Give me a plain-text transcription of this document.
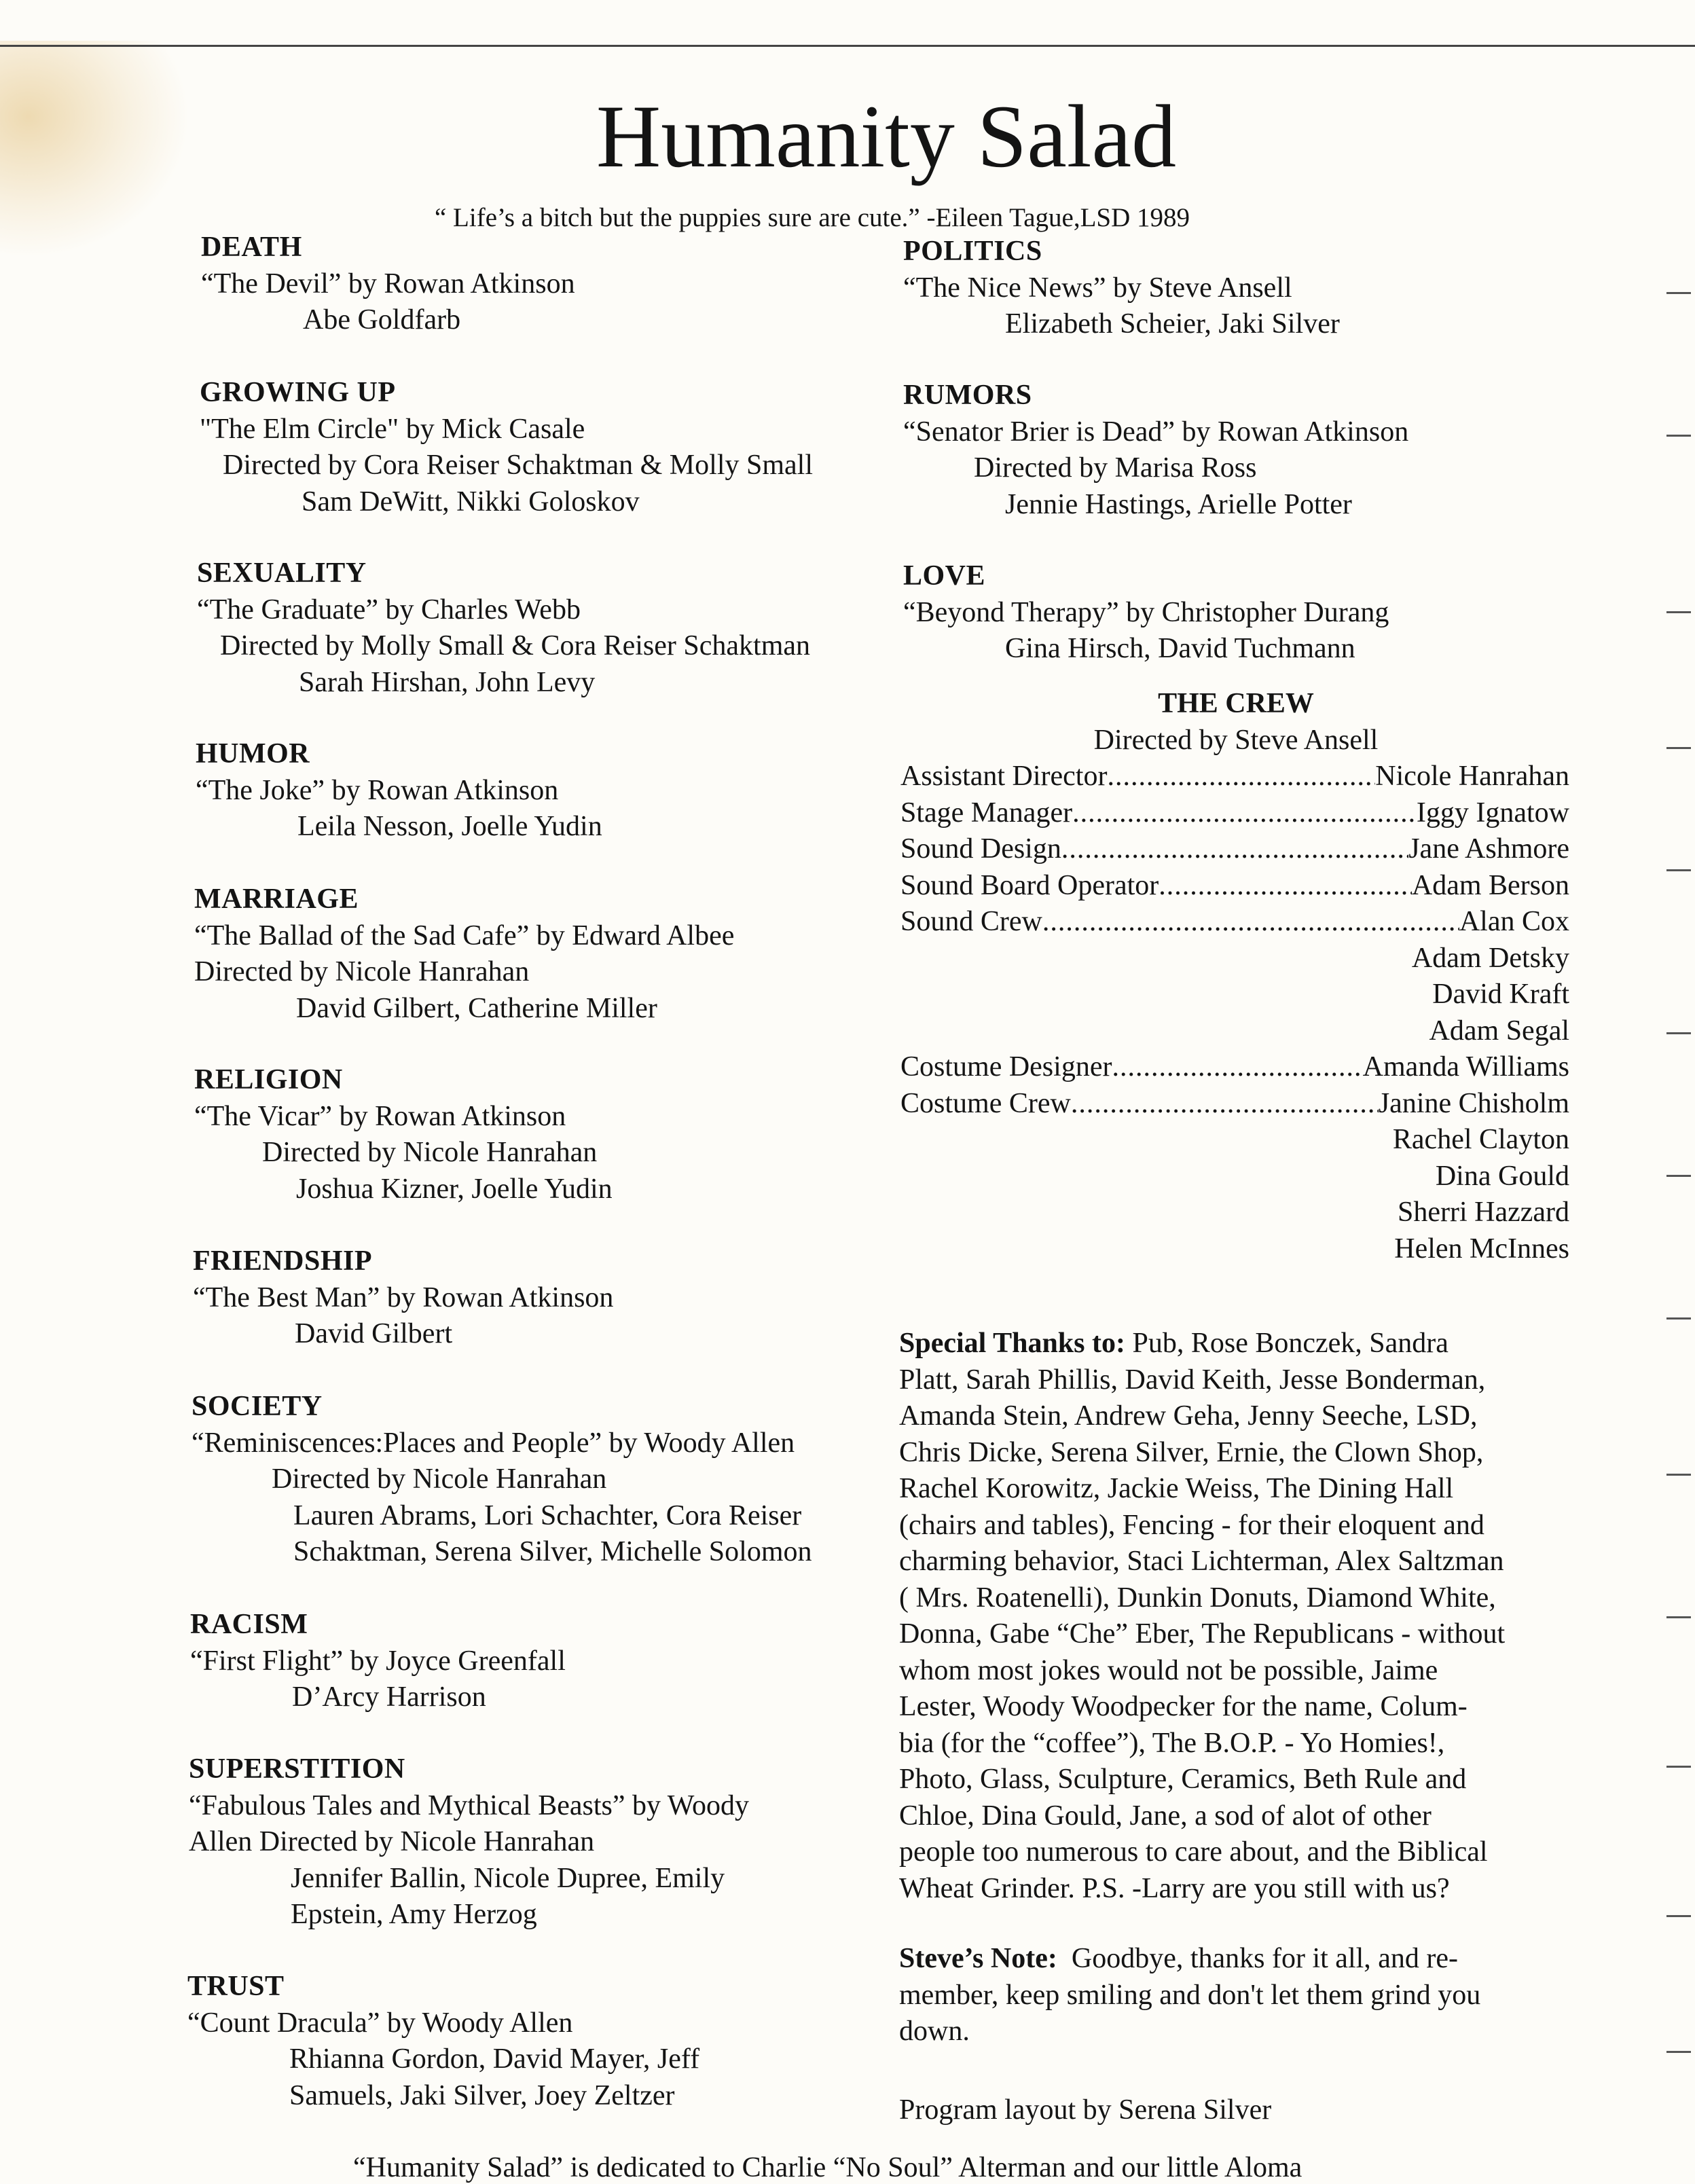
Humanity Salad
“ Life’s a bitch but the puppies sure are cute.” -Eileen Tague,LSD 1989
DEATH
“The Devil” by Rowan Atkinson
Abe Goldfarb
GROWING UP
"The Elm Circle" by Mick Casale
Directed by Cora Reiser Schaktman & Molly Small
Sam DeWitt, Nikki Goloskov
SEXUALITY
“The Graduate” by Charles Webb
Directed by Molly Small & Cora Reiser Schaktman
Sarah Hirshan, John Levy
HUMOR
“The Joke” by Rowan Atkinson
Leila Nesson, Joelle Yudin
MARRIAGE
“The Ballad of the Sad Cafe” by Edward Albee
Directed by Nicole Hanrahan
David Gilbert, Catherine Miller
RELIGION
“The Vicar” by Rowan Atkinson
Directed by Nicole Hanrahan
Joshua Kizner, Joelle Yudin
FRIENDSHIP
“The Best Man” by Rowan Atkinson
David Gilbert
SOCIETY
“Reminiscences:Places and People” by Woody Allen
Directed by Nicole Hanrahan
Lauren Abrams, Lori Schachter, Cora Reiser
Schaktman, Serena Silver, Michelle Solomon
RACISM
“First Flight” by Joyce Greenfall
D’Arcy Harrison
SUPERSTITION
“Fabulous Tales and Mythical Beasts” by Woody
Allen Directed by Nicole Hanrahan
Jennifer Ballin, Nicole Dupree, Emily
Epstein, Amy Herzog
TRUST
“Count Dracula” by Woody Allen
Rhianna Gordon, David Mayer, Jeff
Samuels, Jaki Silver, Joey Zeltzer
POLITICS
“The Nice News” by Steve Ansell
Elizabeth Scheier, Jaki Silver
RUMORS
“Senator Brier is Dead” by Rowan Atkinson
Directed by Marisa Ross
Jennie Hastings, Arielle Potter
LOVE
“Beyond Therapy” by Christopher Durang
Gina Hirsch, David Tuchmann
THE CREW
Directed by Steve Ansell
Assistant Director .....	Nicole Hanrahan
Stage Manager .....	Iggy Ignatow
Sound Design .....	Jane Ashmore
Sound Board Operator .....	Adam Berson
Sound Crew .....	Alan Cox
Adam Detsky
David Kraft
Adam Segal
Costume Designer .....	Amanda Williams
Costume Crew .....	Janine Chisholm
Rachel Clayton
Dina Gould
Sherri Hazzard
Helen McInnes
Special Thanks to: Pub, Rose Bonczek, Sandra
Platt, Sarah Phillis, David Keith, Jesse Bonderman,
Amanda Stein, Andrew Geha, Jenny Seeche, LSD,
Chris Dicke, Serena Silver, Ernie, the Clown Shop,
Rachel Korowitz, Jackie Weiss, The Dining Hall
(chairs and tables), Fencing - for their eloquent and
charming behavior, Staci Lichterman, Alex Saltzman
( Mrs. Roatenelli), Dunkin Donuts, Diamond White,
Donna, Gabe “Che” Eber, The Republicans - without
whom most jokes would not be possible, Jaime
Lester, Woody Woodpecker for the name, Colum-
bia (for the “coffee”), The B.O.P. - Yo Homies!,
Photo, Glass, Sculpture, Ceramics, Beth Rule and
Chloe, Dina Gould, Jane, a sod of alot of other
people too numerous to care about, and the Biblical
Wheat Grinder. P.S. -Larry are you still with us?
Steve’s Note:  Goodbye, thanks for it all, and re-
member, keep smiling and don't let them grind you
down.
Program layout by Serena Silver
“Humanity Salad” is dedicated to Charlie “No Soul” Alterman and our little Aloma
